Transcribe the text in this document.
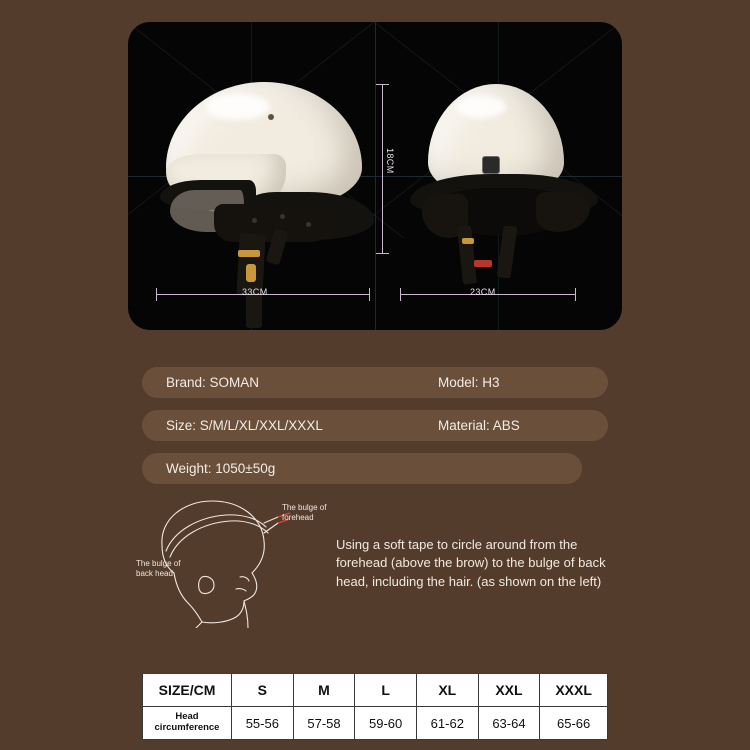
18CM
33CM	23CM
Brand: SOMAN	Model: H3
Size: S/M/L/XL/XXL/XXXL	Material: ABS
Weight: 1050±50g
The bulge of
forehead
The bulge of
back head
Using a soft tape to circle around from the forehead (above the brow) to the bulge of back head, including the hair. (as shown on the left)
SIZE/CM	S	M	L	XL	XXL	XXXL
Head circumference	55-56	57-58	59-60	61-62	63-64	65-66
